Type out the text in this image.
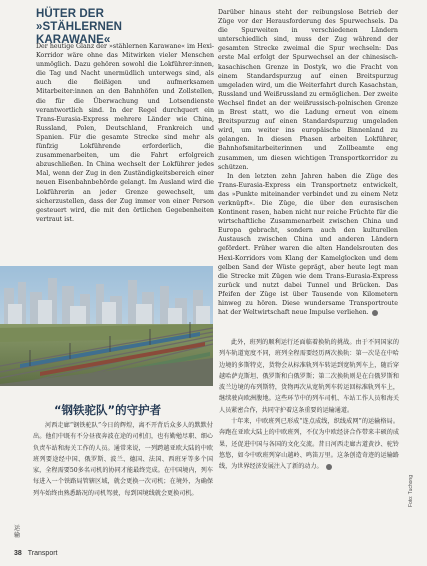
HÜTER DER
»STÄHLERNEN KARAWANE«

Der heutige Glanz der »stählernen Karawane« im Hexi-Korridor wäre ohne das Mitwirken vieler Menschen unmöglich. Dazu gehören sowohl die Lokführer:innen, die Tag und Nacht unermüdlich unterwegs sind, als auch die fleißigen und aufmerksamen Mitarbeiter:innen an den Bahnhöfen und Zollstellen, die für die Überwachung und Lotsendienste verantwortlich sind. In der Regel durchquert ein Trans-Eurasia-Express mehrere Länder wie China, Russland, Polen, Deutschland, Frankreich und Spanien. Für die gesamte Strecke sind mehr als fünfzig Lokführende erforderlich, die zusammenarbeiten, um die Fahrt erfolgreich abzuschließen. In China wechselt der Lokführer jedes Mal, wenn der Zug in den Zuständigkeitsbereich einer neuen Eisenbahnbehörde gelangt. Im Ausland wird die Lokführerin an jeder Grenze gewechselt, um sicherzustellen, dass der Zug immer von einer Person gesteuert wird, die mit den örtlichen Gegebenheiten vertraut ist.

Darüber hinaus steht der reibungslose Betrieb der Züge vor der Herausforderung des Spurwechsels. Da die Spurweiten in verschiedenen Ländern unterschiedlich sind, muss der Zug während der gesamten Strecke zweimal die Spur wechseln: Das erste Mal erfolgt der Spurwechsel an der chinesisch-kasachischen Grenze in Dostyk, wo die Fracht von einem Standardspurzug auf einen Breitspurzug umgeladen wird, um die Weiterfahrt durch Kasachstan, Russland und Weißrussland zu ermöglichen. Der zweite Wechsel findet an der weißrussisch-polnischen Grenze in Brest statt, wo die Ladung erneut von einem Breitspurzug auf einen Standardspurzug umgeladen wird, um weiter ins europäische Binnenland zu gelangen. In diesen Phasen arbeiten Lokführer, Bahnhofsmitarbeiterinnen und Zollbeamte eng zusammen, um diesen wichtigen Transportkorridor zu schützen.

In den letzten zehn Jahren haben die Züge des Trans-Eurasia-Express ein Transportnetz entwickelt, das »Punkte miteinander verbindet und zu einem Netz verknüpft«. Die Züge, die über den eurasischen Kontinent rasen, haben nicht nur reiche Früchte für die wirtschaftliche Zusammenarbeit zwischen China und Europa gebracht, sondern auch den kulturellen Austausch zwischen China und anderen Ländern gefördert. Früher waren die alten Handelsrouten des Hexi-Korridors vom Klang der Kamelglocken und dem gelben Sand der Wüste geprägt, aber heute legt man die Strecke mit Zügen wie dem Trans-Eurasia-Express zurück und nutzt dabei Tunnel und Brücken. Das Pfeifen der Züge ist über Tausende von Kilometern hinweg zu hören. Diese wundersame Transportroute hat der Weltwirtschaft neue Impulse verliehen.

“钢铁驼队”的守护者

河西走廊“钢铁驼队”今日的辉煌，离不开背后众多人的默默付出。他们中既有不分昼夜奔波在途的司机们，也有勤勉尽职、细心负责车站和海关工作的人员。通常来说，一列跨越亚欧大陆的中欧班列要途经中国、俄罗斯、波兰、德国、法国、西班牙等多个国家，全程需要50多名司机的协同才能最终完成。在中国境内，列车每进入一个铁路局管辖区域，就会更换一次司机；在境外，为确保列车始终由熟悉路况的司机驾驶，每到国境线就会更换司机。

此外，班列的顺利运行还面临着换轨的挑战。由于不同国家的列车轨道宽度不同，班列全程需要经历两次换轨：第一次是在中哈边境的多斯特克，货物会从标准轨列车转运到宽轨列车上，随后穿越哈萨克斯坦、俄罗斯和白俄罗斯；第二次换轨则是在白俄罗斯和波兰边境的布列斯特，货物再次从宽轨列车转运回标准轨列车上，继续驶向欧洲腹地。这些环节中的列车司机、车站工作人员和海关人员紧密合作，共同守护着这条重要的运输通道。

十年来，中欧班列已形成“连点成线，织线成网”的运输格局。奔跑在亚欧大陆上的中欧班列，不仅为中欧经济合作带来丰硕的成果，还促进中国与各国的文化交流。昔日河西走廊古道黄沙、驼铃悠悠，如今中欧班列穿山越岭、鸣笛万里。这条创造奇迹的运输路线，为世界经济发展注入了新的动力。

运输
38 Transport
Foto: Tuchong
